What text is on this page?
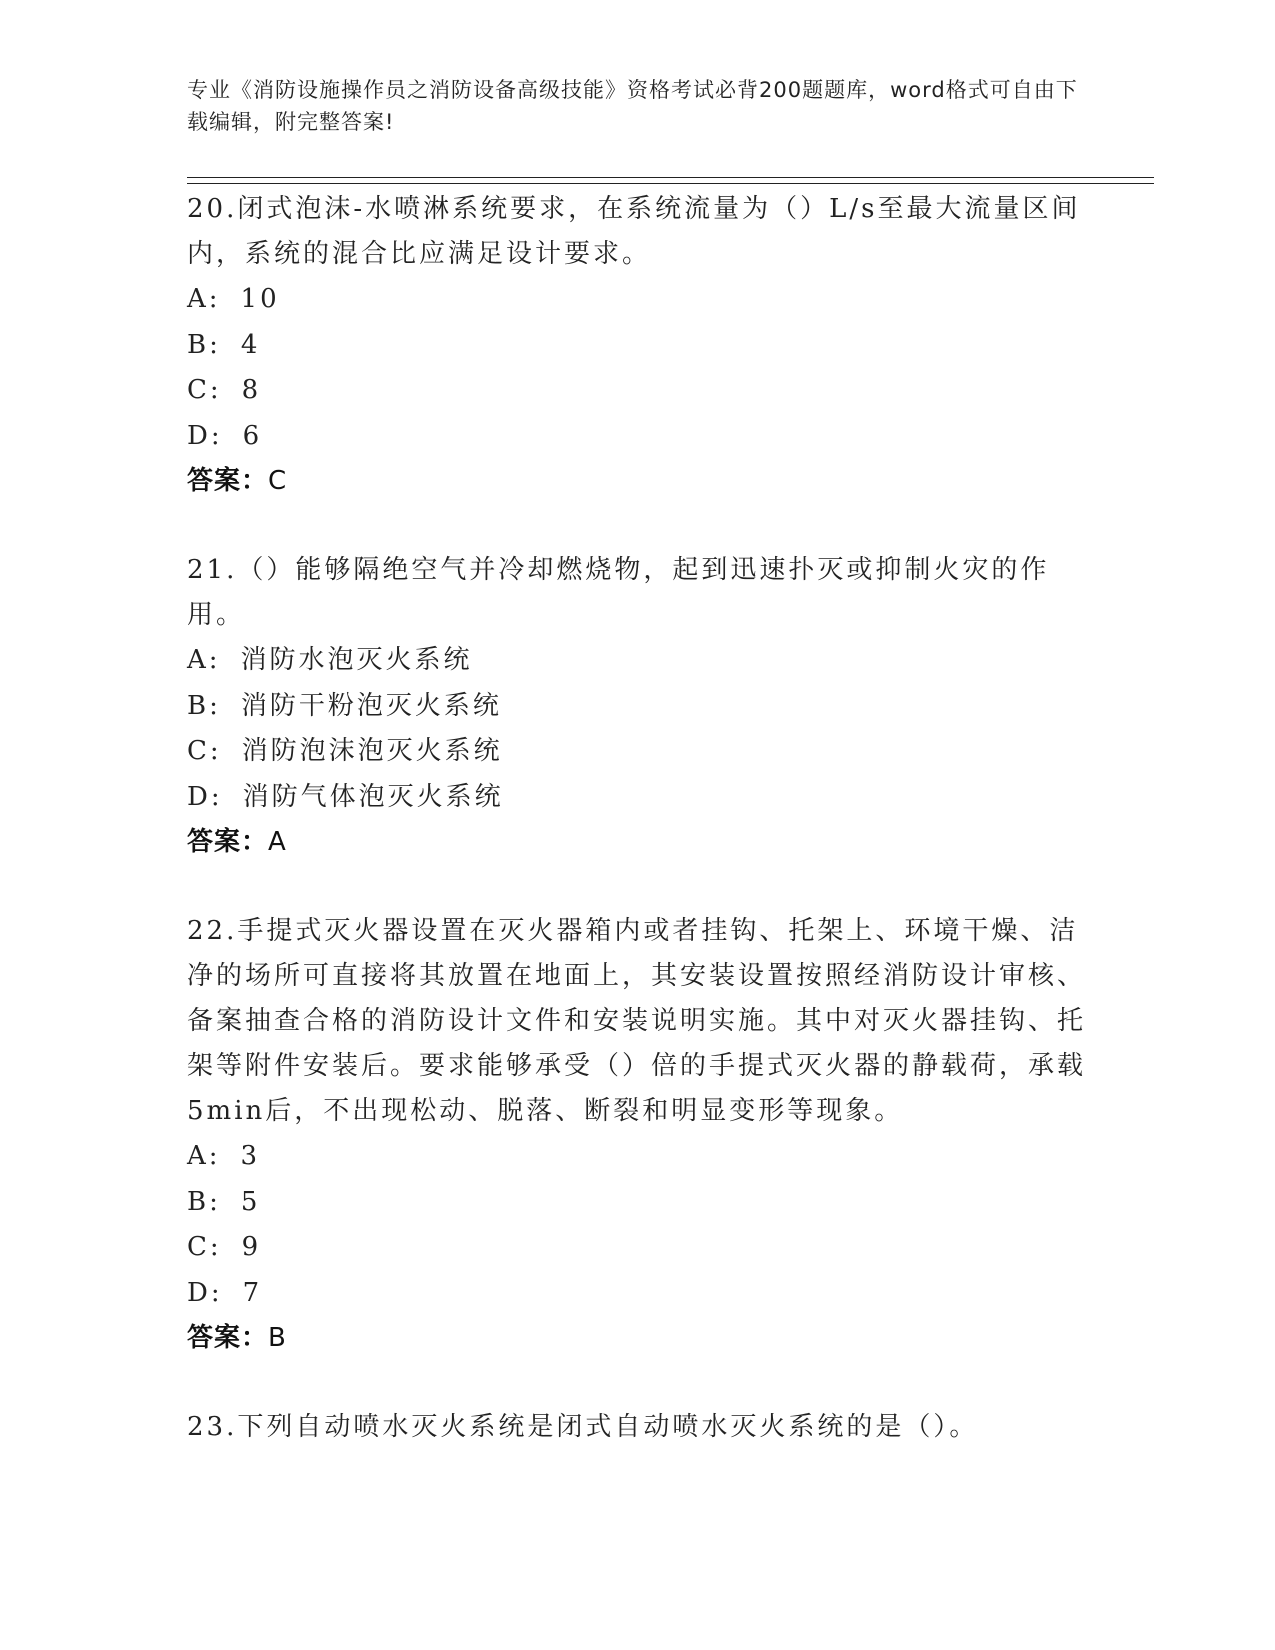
专业《消防设施操作员之消防设备高级技能》资格考试必背200题题库，word格式可自由下载编辑，附完整答案!

20.闭式泡沫-水喷淋系统要求，在系统流量为（）L/s至最大流量区间内，系统的混合比应满足设计要求。

A: 10
B: 4
C: 8
D: 6
答案：C

21.（）能够隔绝空气并冷却燃烧物，起到迅速扑灭或抑制火灾的作用。

A: 消防水泡灭火系统
B: 消防干粉泡灭火系统
C: 消防泡沫泡灭火系统
D: 消防气体泡灭火系统
答案：A

22.手提式灭火器设置在灭火器箱内或者挂钩、托架上、环境干燥、洁净的场所可直接将其放置在地面上，其安装设置按照经消防设计审核、备案抽查合格的消防设计文件和安装说明实施。其中对灭火器挂钩、托架等附件安装后。要求能够承受（）倍的手提式灭火器的静载荷，承载5min后，不出现松动、脱落、断裂和明显变形等现象。

A: 3
B: 5
C: 9
D: 7
答案：B

23.下列自动喷水灭火系统是闭式自动喷水灭火系统的是（）。
